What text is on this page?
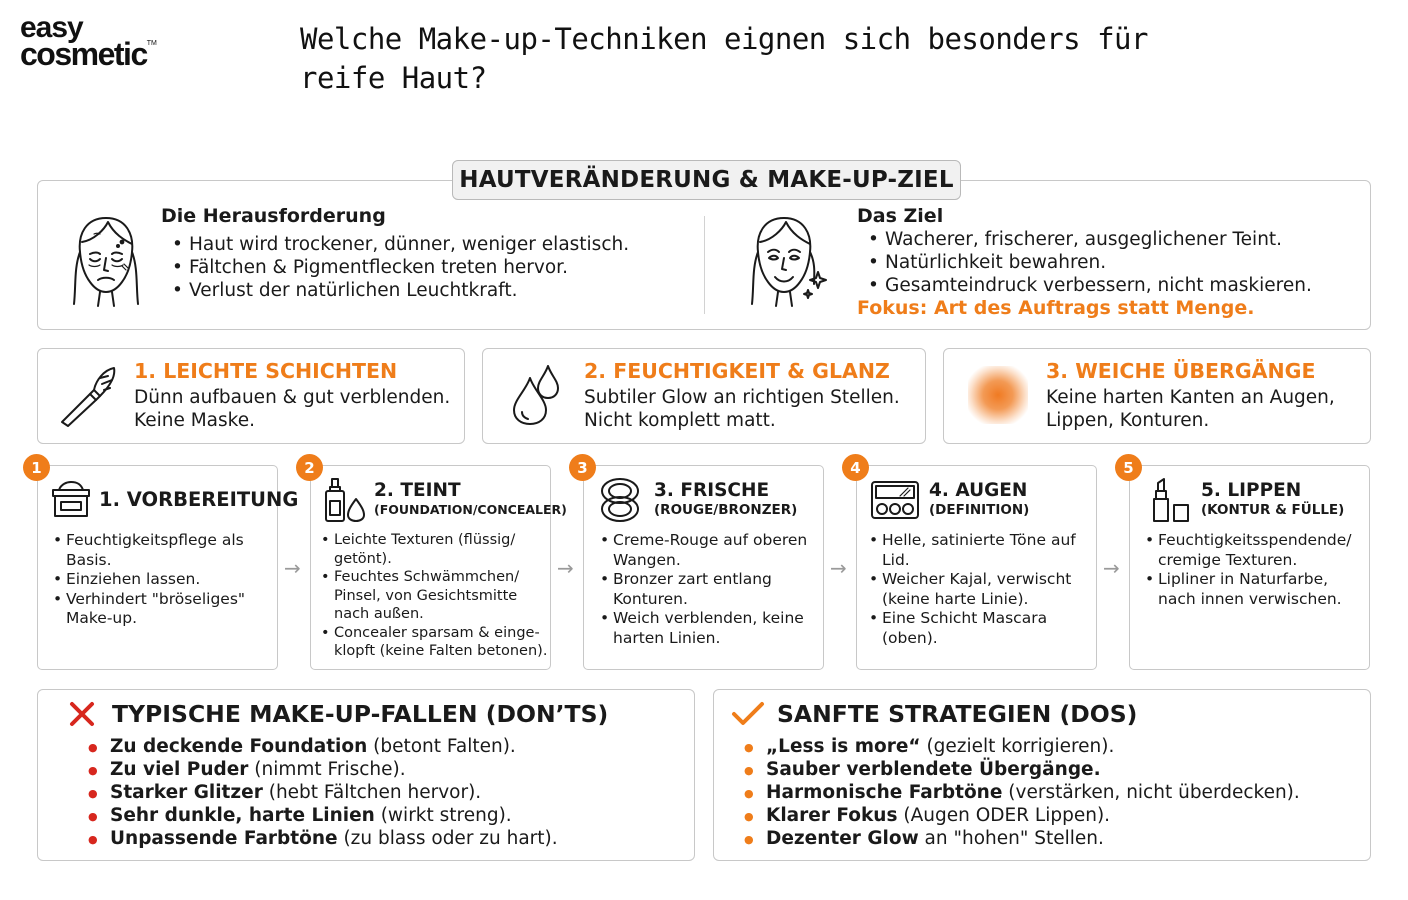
easy
cosmetic™	Welche Make-up-Techniken eignen sich besonders für reife Haut?
HAUTVERÄNDERUNG & MAKE-UP-ZIEL
Die Herausforderung
• Haut wird trockener, dünner, weniger elastisch.
• Fältchen & Pigmentflecken treten hervor.
• Verlust der natürlichen Leuchtkraft.
Das Ziel
• Wacherer, frischerer, ausgeglichener Teint.
• Natürlichkeit bewahren.
• Gesamteindruck verbessern, nicht maskieren.
Fokus: Art des Auftrags statt Menge.
1. LEICHTE SCHICHTEN
Dünn aufbauen & gut verblenden.
Keine Maske.
2. FEUCHTIGKEIT & GLANZ
Subtiler Glow an richtigen Stellen.
Nicht komplett matt.
3. WEICHE ÜBERGÄNGE
Keine harten Kanten an Augen,
Lippen, Konturen.
1	2	3	4	5
1. VORBEREITUNG	2. TEINT
(FOUNDATION/CONCEALER)
3. FRISCHE
(ROUGE/BRONZER)
4. AUGEN
(DEFINITION)
5. LIPPEN
(KONTUR & FÜLLE)
• Feuchtigkeitspflege als
Basis.
• Einziehen lassen.
• Verhindert "bröseliges"
Make-up.
• Leichte Texturen (flüssig/
getönt).
• Feuchtes Schwämmchen/
Pinsel, von Gesichtsmitte
nach außen.
• Concealer sparsam & einge-
klopft (keine Falten betonen).
• Creme-Rouge auf oberen
Wangen.
• Bronzer zart entlang
Konturen.
• Weich verblenden, keine
harten Linien.
• Helle, satinierte Töne auf
Lid.
• Weicher Kajal, verwischt
(keine harte Linie).
• Eine Schicht Mascara
(oben).
• Feuchtigkeitsspendende/
cremige Texturen.
• Lipliner in Naturfarbe,
nach innen verwischen.
→	→	→	→
TYPISCHE MAKE-UP-FALLEN (DON’TS)
● Zu deckende Foundation (betont Falten).
● Zu viel Puder (nimmt Frische).
● Starker Glitzer (hebt Fältchen hervor).
● Sehr dunkle, harte Linien (wirkt streng).
● Unpassende Farbtöne (zu blass oder zu hart).
SANFTE STRATEGIEN (DOS)
● „Less is more“ (gezielt korrigieren).
● Sauber verblendete Übergänge.
● Harmonische Farbtöne (verstärken, nicht überdecken).
● Klarer Fokus (Augen ODER Lippen).
● Dezenter Glow an "hohen" Stellen.
